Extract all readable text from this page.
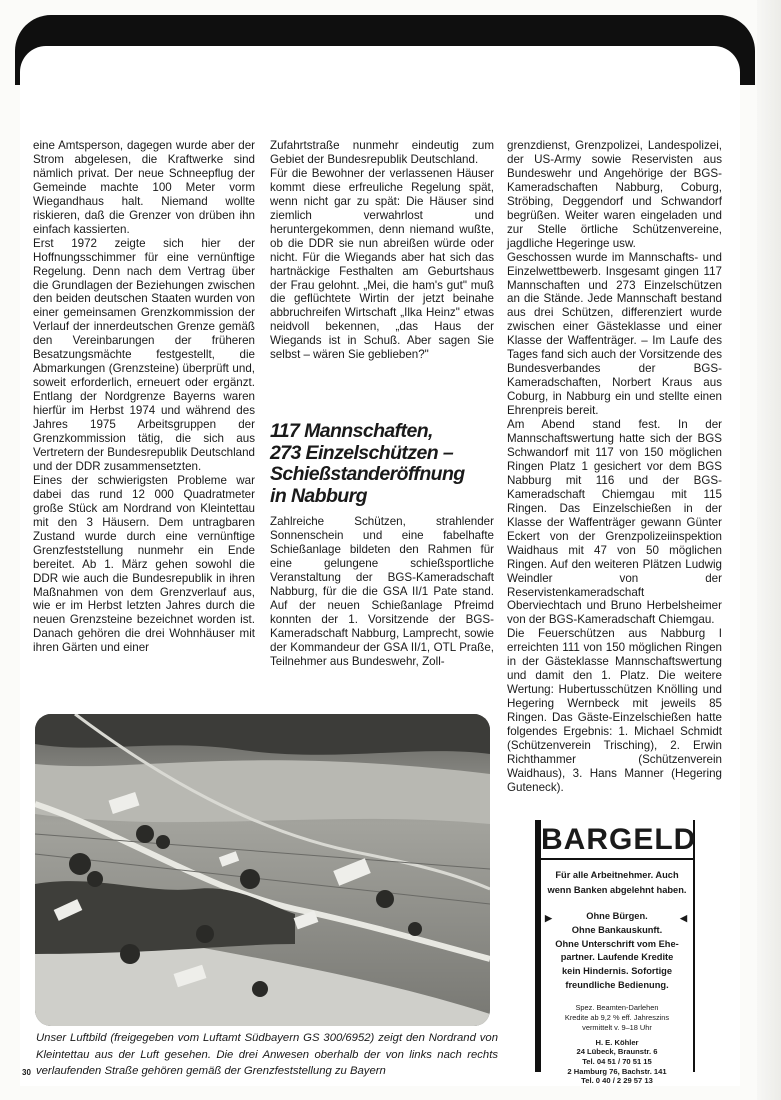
eine Amtsperson, dagegen wurde aber der Strom abgelesen, die Kraftwerke sind nämlich privat. Der neue Schneepflug der Gemeinde machte 100 Meter vorm Wiegandhaus halt. Niemand wollte riskieren, daß die Grenzer von drüben ihn einfach kassierten.

Erst 1972 zeigte sich hier der Hoffnungsschimmer für eine vernünftige Regelung. Denn nach dem Vertrag über die Grundlagen der Beziehungen zwischen den beiden deutschen Staaten wurden von einer gemeinsamen Grenzkommission der Verlauf der innerdeutschen Grenze gemäß den Vereinbarungen der früheren Besatzungsmächte festgestellt, die Abmarkungen (Grenzsteine) überprüft und, soweit erforderlich, erneuert oder ergänzt. Entlang der Nordgrenze Bayerns waren hierfür im Herbst 1974 und während des Jahres 1975 Arbeitsgruppen der Grenzkommission tätig, die sich aus Vertretern der Bundesrepublik Deutschland und der DDR zusammensetzten.

Eines der schwierigsten Probleme war dabei das rund 12 000 Quadratmeter große Stück am Nordrand von Kleintettau mit den 3 Häusern. Dem untragbaren Zustand wurde durch eine vernünftige Grenzfeststellung nunmehr ein Ende bereitet. Ab 1. März gehen sowohl die DDR wie auch die Bundesrepublik in ihren Maßnahmen von dem Grenzverlauf aus, wie er im Herbst letzten Jahres durch die neuen Grenzsteine bezeichnet worden ist. Danach gehören die drei Wohnhäuser mit ihren Gärten und einer

Zufahrtstraße nunmehr eindeutig zum Gebiet der Bundesrepublik Deutschland.

Für die Bewohner der verlassenen Häuser kommt diese erfreuliche Regelung spät, wenn nicht gar zu spät: Die Häuser sind ziemlich verwahrlost und heruntergekommen, denn niemand wußte, ob die DDR sie nun abreißen würde oder nicht. Für die Wiegands aber hat sich das hartnäckige Festhalten am Geburtshaus der Frau gelohnt. „Mei, die ham's gut" muß die geflüchtete Wirtin der jetzt beinahe abbruchreifen Wirtschaft „Ilka Heinz" etwas neidvoll bekennen, „das Haus der Wiegands ist in Schuß. Aber sagen Sie selbst – wären Sie geblieben?"

117 Mannschaften,
273 Einzelschützen –
Schießstanderöffnung
in Nabburg

Zahlreiche Schützen, strahlender Sonnenschein und eine fabelhafte Schießanlage bildeten den Rahmen für eine gelungene schießsportliche Veranstaltung der BGS-Kameradschaft Nabburg, für die die GSA II/1 Pate stand. Auf der neuen Schießanlage Pfreimd konnten der 1. Vorsitzende der BGS-Kameradschaft Nabburg, Lamprecht, sowie der Kommandeur der GSA II/1, OTL Praße, Teilnehmer aus Bundeswehr, Zoll-

grenzdienst, Grenzpolizei, Landespolizei, der US-Army sowie Reservisten aus Bundeswehr und Angehörige der BGS-Kameradschaften Nabburg, Coburg, Ströbing, Deggendorf und Schwandorf begrüßen. Weiter waren eingeladen und zur Stelle örtliche Schützenvereine, jagdliche Hegeringe usw.

Geschossen wurde im Mannschafts- und Einzelwettbewerb. Insgesamt gingen 117 Mannschaften und 273 Einzelschützen an die Stände. Jede Mannschaft bestand aus drei Schützen, differenziert wurde zwischen einer Gästeklasse und einer Klasse der Waffenträger. – Im Laufe des Tages fand sich auch der Vorsitzende des Bundesverbandes der BGS-Kameradschaften, Norbert Kraus aus Coburg, in Nabburg ein und stellte einen Ehrenpreis bereit.

Am Abend stand fest. In der Mannschaftswertung hatte sich der BGS Schwandorf mit 117 von 150 möglichen Ringen Platz 1 gesichert vor dem BGS Nabburg mit 116 und der BGS-Kameradschaft Chiemgau mit 115 Ringen. Das Einzelschießen in der Klasse der Waffenträger gewann Günter Eckert von der Grenzpolizeiinspektion Waidhaus mit 47 von 50 möglichen Ringen. Auf den weiteren Plätzen Ludwig Weindler von der Reservistenkameradschaft Oberviechtach und Bruno Herbelsheimer von der BGS-Kameradschaft Chiemgau.

Die Feuerschützen aus Nabburg I erreichten 111 von 150 möglichen Ringen in der Gästeklasse Mannschaftswertung und damit den 1. Platz. Die weitere Wertung: Hubertusschützen Knölling und Hegering Wernbeck mit jeweils 85 Ringen. Das Gäste-Einzelschießen hatte folgendes Ergebnis: 1. Michael Schmidt (Schützenverein Trisching), 2. Erwin Richthammer (Schützenverein Waidhaus), 3. Hans Manner (Hegering Guteneck).

Unser Luftbild (freigegeben vom Luftamt Südbayern GS 300/6952) zeigt den Nordrand von Kleintettau aus der Luft gesehen. Die drei Anwesen oberhalb der von links nach rechts verlaufenden Straße gehören gemäß der Grenzfeststellung zu Bayern
30
BARGELD
Für alle Arbeitnehmer. Auch
wenn Banken abgelehnt haben.
▶	◀
Ohne Bürgen.
Ohne Bankauskunft.
Ohne Unterschrift vom Ehe-
partner. Laufende Kredite
kein Hindernis. Sofortige
freundliche Bedienung.
Spez. Beamten-Darlehen
Kredite ab 9,2 % eff. Jahreszins
vermittelt v. 9–18 Uhr
H. E. Köhler
24 Lübeck, Braunstr. 6
Tel. 04 51 / 70 51 15
2 Hamburg 76, Bachstr. 141
Tel. 0 40 / 2 29 57 13
